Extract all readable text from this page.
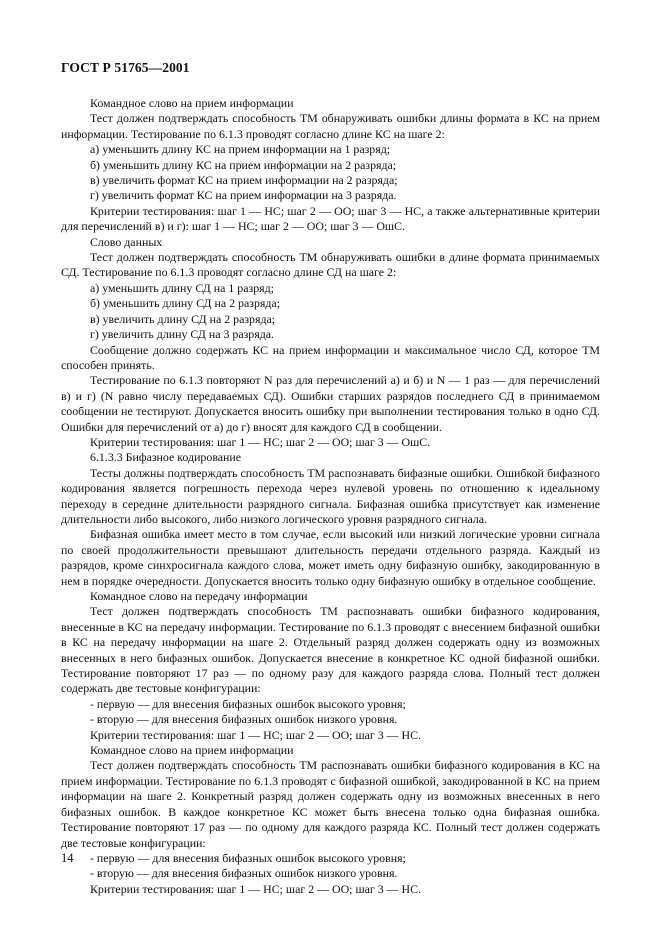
ГОСТ Р 51765—2001

Командное слово на прием информации

Тест должен подтверждать способность ТМ обнаруживать ошибки длины формата в КС на прием информации. Тестирование по 6.1.3 проводят согласно длине КС на шаге 2:

а) уменьшить длину КС на прием информации на 1 разряд;

б) уменьшить длину КС на прием информации на 2 разряда;

в) увеличить формат КС на прием информации на 2 разряда;

г) увеличить формат КС на прием информации на 3 разряда.

Критерии тестирования: шаг 1 — НС; шаг 2 — ОО; шаг 3 — НС, а также альтернативные критерии для перечислений в) и г): шаг 1 — НС; шаг 2 — ОО; шаг 3 — ОшС.

Слово данных

Тест должен подтверждать способность ТМ обнаруживать ошибки в длине формата принимаемых СД. Тестирование по 6.1.3 проводят согласно длине СД на шаге 2:

а) уменьшить длину СД на 1 разряд;

б) уменьшить длину СД на 2 разряда;

в) увеличить длину СД на 2 разряда;

г) увеличить длину СД на 3 разряда.

Сообщение должно содержать КС на прием информации и максимальное число СД, которое ТМ способен принять.

Тестирование по 6.1.3 повторяют N раз для перечислений а) и б) и N — 1 раз — для перечислений в) и г) (N равно числу передаваемых СД). Ошибки старших разрядов последнего СД в принимаемом сообщении не тестируют. Допускается вносить ошибку при выполнении тестирования только в одно СД. Ошибки для перечислений от а) до г) вносят для каждого СД в сообщении.

Критерии тестирования: шаг 1 — НС; шаг 2 — ОО; шаг 3 — ОшС.

6.1.3.3 Бифазное кодирование

Тесты должны подтверждать способность ТМ распознавать бифазные ошибки. Ошибкой бифазного кодирования является погрешность перехода через нулевой уровень по отношению к идеальному переходу в середине длительности разрядного сигнала. Бифазная ошибка присутствует как изменение длительности либо высокого, либо низкого логического уровня разрядного сигнала.

Бифазная ошибка имеет место в том случае, если высокий или низкий логические уровни сигнала по своей продолжительности превышают длительность передачи отдельного разряда. Каждый из разрядов, кроме синхросигнала каждого слова, может иметь одну бифазную ошибку, закодированную в нем в порядке очередности. Допускается вносить только одну бифазную ошибку в отдельное сообщение.

Командное слово на передачу информации

Тест должен подтверждать способность ТМ распознавать ошибки бифазного кодирования, внесенные в КС на передачу информации. Тестирование по 6.1.3 проводят с внесением бифазной ошибки в КС на передачу информации на шаге 2. Отдельный разряд должен содержать одну из возможных внесенных в него бифазных ошибок. Допускается внесение в конкретное КС одной бифазной ошибки. Тестирование повторяют 17 раз — по одному разу для каждого разряда слова. Полный тест должен содержать две тестовые конфигурации:

- первую — для внесения бифазных ошибок высокого уровня;

- вторую — для внесения бифазных ошибок низкого уровня.

Критерии тестирования: шаг 1 — НС; шаг 2 — ОО; шаг 3 — НС.

Командное слово на прием информации

Тест должен подтверждать способность ТМ распознавать ошибки бифазного кодирования в КС на прием информации. Тестирование по 6.1.3 проводят с бифазной ошибкой, закодированной в КС на прием информации на шаге 2. Конкретный разряд должен содержать одну из возможных внесенных в него бифазных ошибок. В каждое конкретное КС может быть внесена только одна бифазная ошибка. Тестирование повторяют 17 раз — по одному для каждого разряда КС. Полный тест должен содержать две тестовые конфигурации:

- первую — для внесения бифазных ошибок высокого уровня;

- вторую — для внесения бифазных ошибок низкого уровня.

Критерии тестирования: шаг 1 — НС; шаг 2 — ОО; шаг 3 — НС.

14
